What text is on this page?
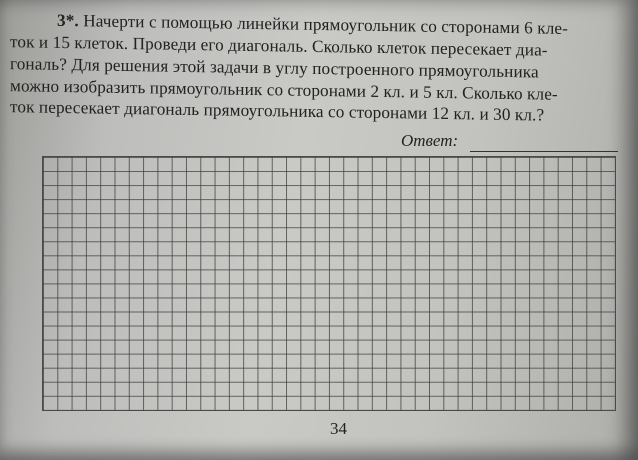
3*. Начерти с помощью линейки прямоугольник со сторонами 6 кле-
ток и 15 клеток. Проведи его диагональ. Сколько клеток пересекает диа-
гональ? Для решения этой задачи в углу построенного прямоугольника
можно изобразить прямоугольник со сторонами 2 кл. и 5 кл. Сколько кле-
ток пересекает диагональ прямоугольника со сторонами 12 кл. и 30 кл.?
Ответ:
34
